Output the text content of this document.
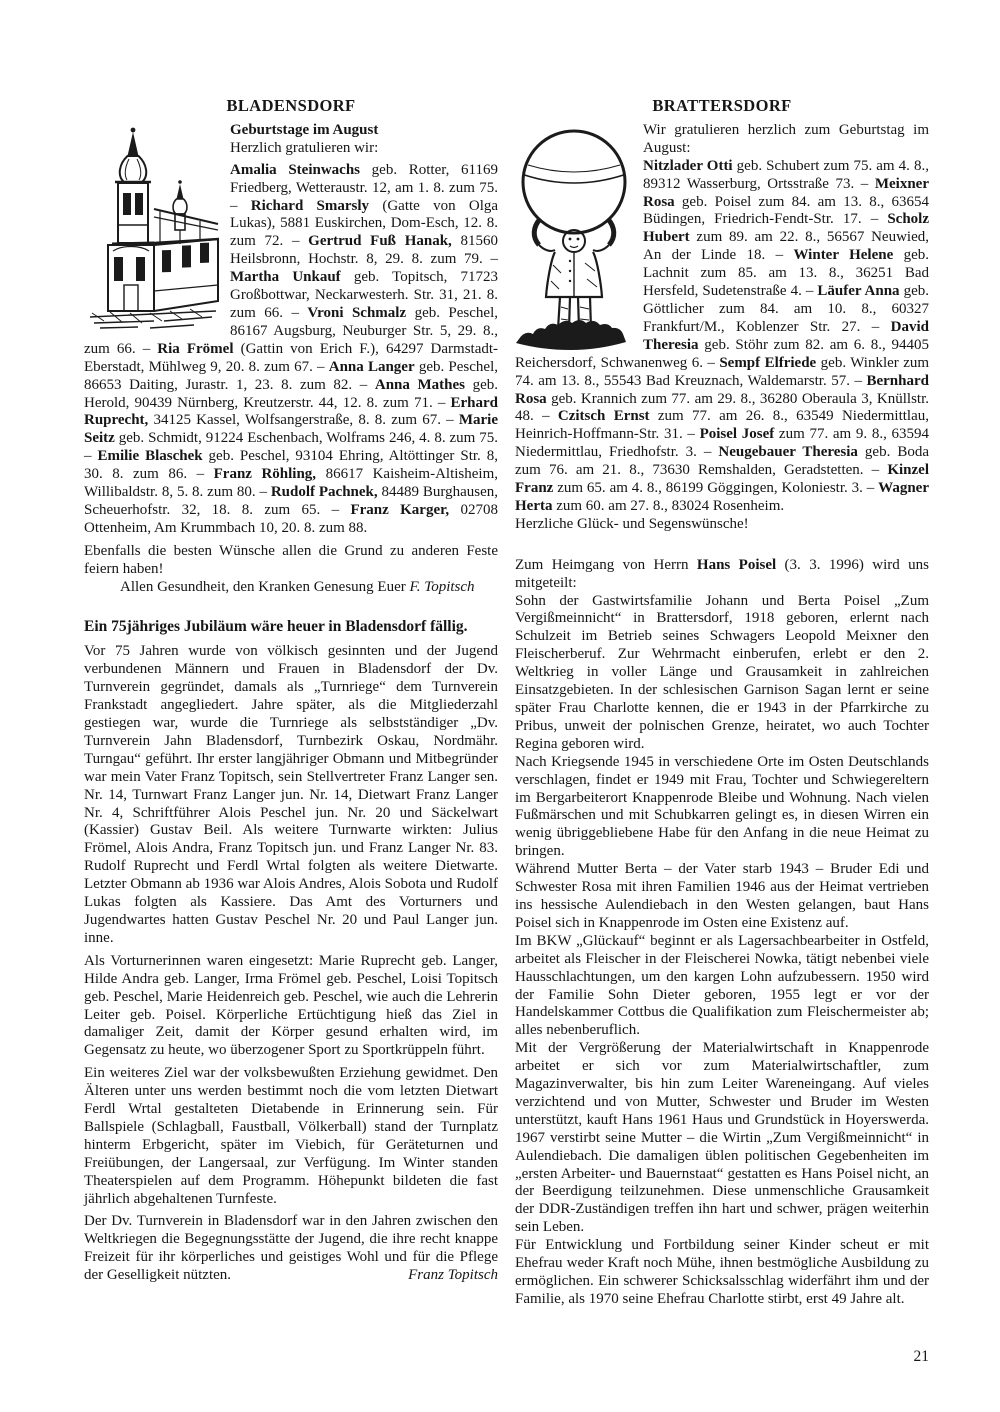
BLADENSDORF

Geburtstage im August

Herzlich gratulieren wir:

Amalia Steinwachs geb. Rotter, 61169 Friedberg, Wetteraustr. 12, am 1. 8. zum 75. – Richard Smarsly (Gatte von Olga Lukas), 5881 Euskirchen, Dom-Esch, 12. 8. zum 72. – Gertrud Fuß Hanak, 81560 Heilsbronn, Hochstr. 8, 29. 8. zum 79. – Martha Unkauf geb. Topitsch, 71723 Großbottwar, Neckarwesterh. Str. 31, 21. 8. zum 66. – Vroni Schmalz geb. Peschel, 86167 Augsburg, Neuburger Str. 5, 29. 8., zum 66. – Ria Frömel (Gattin von Erich F.), 64297 Darmstadt-Eberstadt, Mühlweg 9, 20. 8. zum 67. – Anna Langer geb. Peschel, 86653 Daiting, Jurastr. 1, 23. 8. zum 82. – Anna Mathes geb. Herold, 90439 Nürnberg, Kreutzerstr. 44, 12. 8. zum 71. – Erhard Ruprecht, 34125 Kassel, Wolfsangerstraße, 8. 8. zum 67. – Marie Seitz geb. Schmidt, 91224 Eschenbach, Wolframs 246, 4. 8. zum 75. – Emilie Blaschek geb. Peschel, 93104 Ehring, Altöttinger Str. 8, 30. 8. zum 86. – Franz Röhling, 86617 Kaisheim-Altisheim, Willibaldstr. 8, 5. 8. zum 80. – Rudolf Pachnek, 84489 Burghausen, Scheuerhofstr. 32, 18. 8. zum 65. – Franz Karger, 02708 Ottenheim, Am Krummbach 10, 20. 8. zum 88.

Ebenfalls die besten Wünsche allen die Grund zu anderen Feste feiern haben!

Allen Gesundheit, den Kranken Genesung Euer F. Topitsch

Ein 75jähriges Jubiläum wäre heuer in Bladensdorf fällig.

Vor 75 Jahren wurde von völkisch gesinnten und der Jugend verbundenen Männern und Frauen in Bladensdorf der Dv. Turnverein gegründet, damals als „Turnriege“ dem Turnverein Frankstadt angegliedert. Jahre später, als die Mitgliederzahl gestiegen war, wurde die Turnriege als selbstständiger „Dv. Turnverein Jahn Bladensdorf, Turnbezirk Oskau, Nordmähr. Turngau“ geführt. Ihr erster langjähriger Obmann und Mitbegründer war mein Vater Franz Topitsch, sein Stellvertreter Franz Langer sen. Nr. 14, Turnwart Franz Langer jun. Nr. 14, Dietwart Franz Langer Nr. 4, Schriftführer Alois Peschel jun. Nr. 20 und Säckelwart (Kassier) Gustav Beil. Als weitere Turnwarte wirkten: Julius Frömel, Alois Andra, Franz Topitsch jun. und Franz Langer Nr. 83. Rudolf Ruprecht und Ferdl Wrtal folgten als weitere Dietwarte. Letzter Obmann ab 1936 war Alois Andres, Alois Sobota und Rudolf Lukas folgten als Kassiere. Das Amt des Vorturners und Jugendwartes hatten Gustav Peschel Nr. 20 und Paul Langer jun. inne.

Als Vorturnerinnen waren eingesetzt: Marie Ruprecht geb. Langer, Hilde Andra geb. Langer, Irma Frömel geb. Peschel, Loisi Topitsch geb. Peschel, Marie Heidenreich geb. Peschel, wie auch die Lehrerin Leiter geb. Poisel. Körperliche Ertüchtigung hieß das Ziel in damaliger Zeit, damit der Körper gesund erhalten wird, im Gegensatz zu heute, wo überzogener Sport zu Sportkrüppeln führt.

Ein weiteres Ziel war der volksbewußten Erziehung gewidmet. Den Älteren unter uns werden bestimmt noch die vom letzten Dietwart Ferdl Wrtal gestalteten Dietabende in Erinnerung sein. Für Ballspiele (Schlagball, Faustball, Völkerball) stand der Turnplatz hinterm Erbgericht, später im Viebich, für Geräteturnen und Freiübungen, der Langersaal, zur Verfügung. Im Winter standen Theaterspielen auf dem Programm. Höhepunkt bildeten die fast jährlich abgehaltenen Turnfeste.

Der Dv. Turnverein in Bladensdorf war in den Jahren zwischen den Weltkriegen die Begegnungsstätte der Jugend, die ihre recht knappe Freizeit für ihr körperliches und geistiges Wohl und für die Pflege der Geselligkeit nützten.	Franz Topitsch

BRATTERSDORF

Wir gratulieren herzlich zum Geburtstag im August:

Nitzlader Otti geb. Schubert zum 75. am 4. 8., 89312 Wasserburg, Ortsstraße 73. – Meixner Rosa geb. Poisel zum 84. am 13. 8., 63654 Büdingen, Friedrich-Fendt-Str. 17. – Scholz Hubert zum 89. am 22. 8., 56567 Neuwied, An der Linde 18. – Winter Helene geb. Lachnit zum 85. am 13. 8., 36251 Bad Hersfeld, Sudetenstraße 4. – Läufer Anna geb. Göttlicher zum 84. am 10. 8., 60327 Frankfurt/M., Koblenzer Str. 27. – David Theresia geb. Stöhr zum 82. am 6. 8., 94405 Reichersdorf, Schwanenweg 6. – Sempf Elfriede geb. Winkler zum 74. am 13. 8., 55543 Bad Kreuznach, Waldemarstr. 57. – Bernhard Rosa geb. Krannich zum 77. am 29. 8., 36280 Oberaula 3, Knüllstr. 48. – Czitsch Ernst zum 77. am 26. 8., 63549 Niedermittlau, Heinrich-Hoffmann-Str. 31. – Poisel Josef zum 77. am 9. 8., 63594 Niedermittlau, Friedhofstr. 3. – Neugebauer Theresia geb. Boda zum 76. am 21. 8., 73630 Remshalden, Geradstetten. – Kinzel Franz zum 65. am 4. 8., 86199 Göggingen, Koloniestr. 3. – Wagner Herta zum 60. am 27. 8., 83024 Rosenheim.

Herzliche Glück- und Segenswünsche!

Zum Heimgang von Herrn Hans Poisel (3. 3. 1996) wird uns mitgeteilt:

Sohn der Gastwirtsfamilie Johann und Berta Poisel „Zum Vergißmeinnicht“ in Brattersdorf, 1918 geboren, erlernt nach Schulzeit im Betrieb seines Schwagers Leopold Meixner den Fleischerberuf. Zur Wehrmacht einberufen, erlebt er den 2. Weltkrieg in voller Länge und Grausamkeit in zahlreichen Einsatzgebieten. In der schlesischen Garnison Sagan lernt er seine später Frau Charlotte kennen, die er 1943 in der Pfarrkirche zu Pribus, unweit der polnischen Grenze, heiratet, wo auch Tochter Regina geboren wird.

Nach Kriegsende 1945 in verschiedene Orte im Osten Deutschlands verschlagen, findet er 1949 mit Frau, Tochter und Schwiegereltern im Bergarbeiterort Knappenrode Bleibe und Wohnung. Nach vielen Fußmärschen und mit Schubkarren gelingt es, in diesen Wirren ein wenig übriggebliebene Habe für den Anfang in die neue Heimat zu bringen.

Während Mutter Berta – der Vater starb 1943 – Bruder Edi und Schwester Rosa mit ihren Familien 1946 aus der Heimat vertrieben ins hessische Aulendiebach in den Westen gelangen, baut Hans Poisel sich in Knappenrode im Osten eine Existenz auf.

Im BKW „Glückauf“ beginnt er als Lagersachbearbeiter in Ostfeld, arbeitet als Fleischer in der Fleischerei Nowka, tätigt nebenbei viele Hausschlachtungen, um den kargen Lohn aufzubessern. 1950 wird der Familie Sohn Dieter geboren, 1955 legt er vor der Handelskammer Cottbus die Qualifikation zum Fleischermeister ab; alles nebenberuflich.

Mit der Vergrößerung der Materialwirtschaft in Knappenrode arbeitet er sich vor zum Materialwirtschaftler, zum Magazinverwalter, bis hin zum Leiter Wareneingang. Auf vieles verzichtend und von Mutter, Schwester und Bruder im Westen unterstützt, kauft Hans 1961 Haus und Grundstück in Hoyerswerda. 1967 verstirbt seine Mutter – die Wirtin „Zum Vergißmeinnicht“ in Aulendiebach. Die damaligen üblen politischen Gegebenheiten im „ersten Arbeiter- und Bauernstaat“ gestatten es Hans Poisel nicht, an der Beerdigung teilzunehmen. Diese unmenschliche Grausamkeit der DDR-Zuständigen treffen ihn hart und schwer, prägen weiterhin sein Leben.

Für Entwicklung und Fortbildung seiner Kinder scheut er mit Ehefrau weder Kraft noch Mühe, ihnen bestmögliche Ausbildung zu ermöglichen. Ein schwerer Schicksalsschlag widerfährt ihm und der Familie, als 1970 seine Ehefrau Charlotte stirbt, erst 49 Jahre alt.

21
